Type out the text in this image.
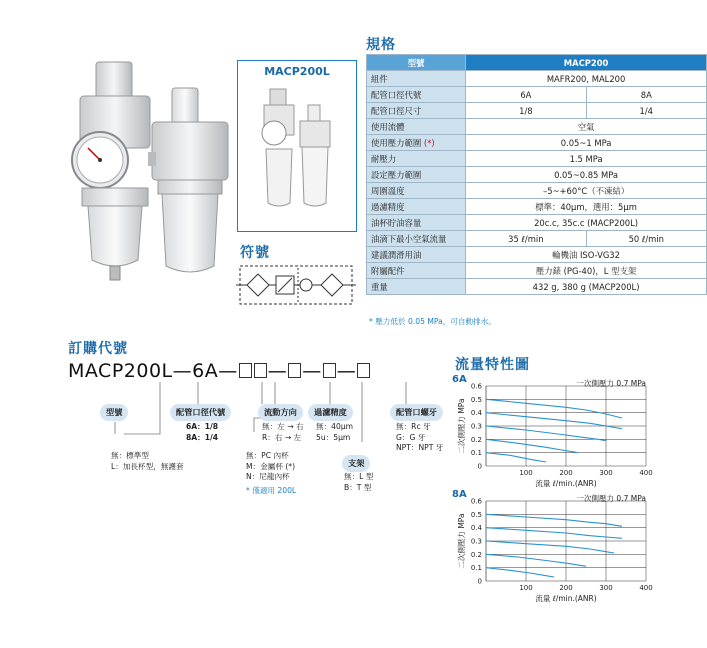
MACP200L
符號
規格
型號	MACP200	
組件	MAFR200, MAL200	
配管口徑代號	6A	8A
配管口徑尺寸	1/8	1/4
使用流體	空氣	
使用壓力範圍 (*)	0.05~1 MPa	
耐壓力	1.5 MPa	
設定壓力範圍	0.05~0.85 MPa	
周圍溫度	–5~+60°C（不凍結）	
過濾精度	標準：40μm，選用：5μm	
油杯貯油容量	20c.c, 35c.c (MACP200L)	
油滴下最小空氣流量	35 ℓ/min	50 ℓ/min
建議潤滑用油	輪機油 ISO-VG32	
附屬配件	壓力錶 (PG-40)，L 型支架	
重量	432 g, 380 g (MACP200L)	
* 壓力低於 0.05 MPa，可自動排水。
訂購代號
MACP200L—6A— — — —
型號
無：標準型
L：加長杯型，無護套
配管口徑代號
6A：1/8
8A：1/4
流動方向
無：左 → 右
R：右 → 左
無：PC 內杯
M：金屬杯 (*)
N：尼龍內杯
* 僅適用 200L
過濾精度
無：40μm
5u：5μm
支架
無：L 型
B：T 型
配管口螺牙
無：Rc 牙
G：G 牙
NPT：NPT 牙
流量特性圖
6A	一次側壓力 0.7 MPa
0
0.1
0.2
0.3
0.4
0.5
0.6
100	200	300	400
流量 ℓ/min.(ANR)
二次側壓力 MPa
8A	一次側壓力 0.7 MPa
0
0.1
0.2
0.3
0.4
0.5
0.6
100	200	300	400
流量 ℓ/min.(ANR)
二次側壓力 MPa
